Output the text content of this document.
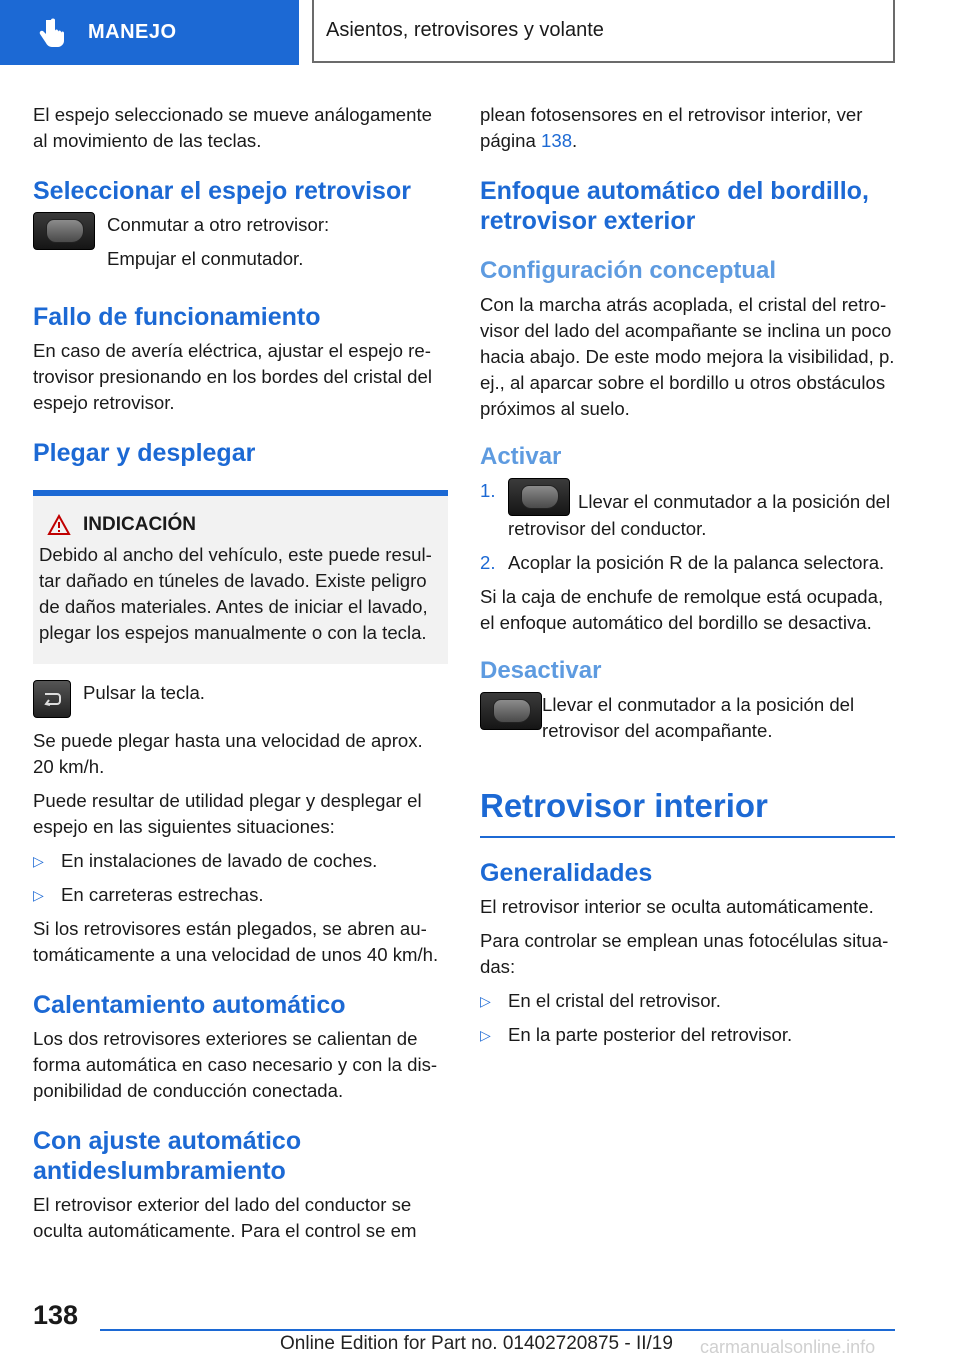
MANEJO	Asientos, retrovisores y volante

El espejo seleccionado se mueve análogamente al movimiento de las teclas.

Seleccionar el espejo retrovisor

Conmutar a otro retrovisor:

Empujar el conmutador.

Fallo de funcionamiento

En caso de avería eléctrica, ajustar el espejo retrovisor presionando en los bordes del cristal del espejo retrovisor.

Plegar y desplegar
INDICACIÓN

Debido al ancho del vehículo, este puede resultar dañado en túneles de lavado. Existe peligro de daños materiales. Antes de iniciar el lavado, plegar los espejos manualmente o con la tecla.

Pulsar la tecla.

Se puede plegar hasta una velocidad de aprox. 20 km/h.

Puede resultar de utilidad plegar y desplegar el espejo en las siguientes situaciones:

▷ En instalaciones de lavado de coches.
▷ En carreteras estrechas.

Si los retrovisores están plegados, se abren automáticamente a una velocidad de unos 40 km/h.

Calentamiento automático

Los dos retrovisores exteriores se calientan de forma automática en caso necesario y con la disponibilidad de conducción conectada.

Con ajuste automático antideslumbramiento

El retrovisor exterior del lado del conductor se oculta automáticamente. Para el control se em

plean fotosensores en el retrovisor interior, ver página 138.

Enfoque automático del bordillo, retrovisor exterior
Configuración conceptual

Con la marcha atrás acoplada, el cristal del retrovisor del lado del acompañante se inclina un poco hacia abajo. De este modo mejora la visibilidad, p. ej., al aparcar sobre el bordillo u otros obstáculos próximos al suelo.

Activar
1.
Llevar el conmutador a la posición del retrovisor del conductor.
2. Acoplar la posición R de la palanca selectora.

Si la caja de enchufe de remolque está ocupada, el enfoque automático del bordillo se desactiva.

Desactivar

Llevar el conmutador a la posición del retrovisor del acompañante.

Retrovisor interior
Generalidades

El retrovisor interior se oculta automáticamente.

Para controlar se emplean unas fotocélulas situadas:

▷ En el cristal del retrovisor.
▷ En la parte posterior del retrovisor.
138
Online Edition for Part no. 01402720875 - II/19 carmanualsonline.info
